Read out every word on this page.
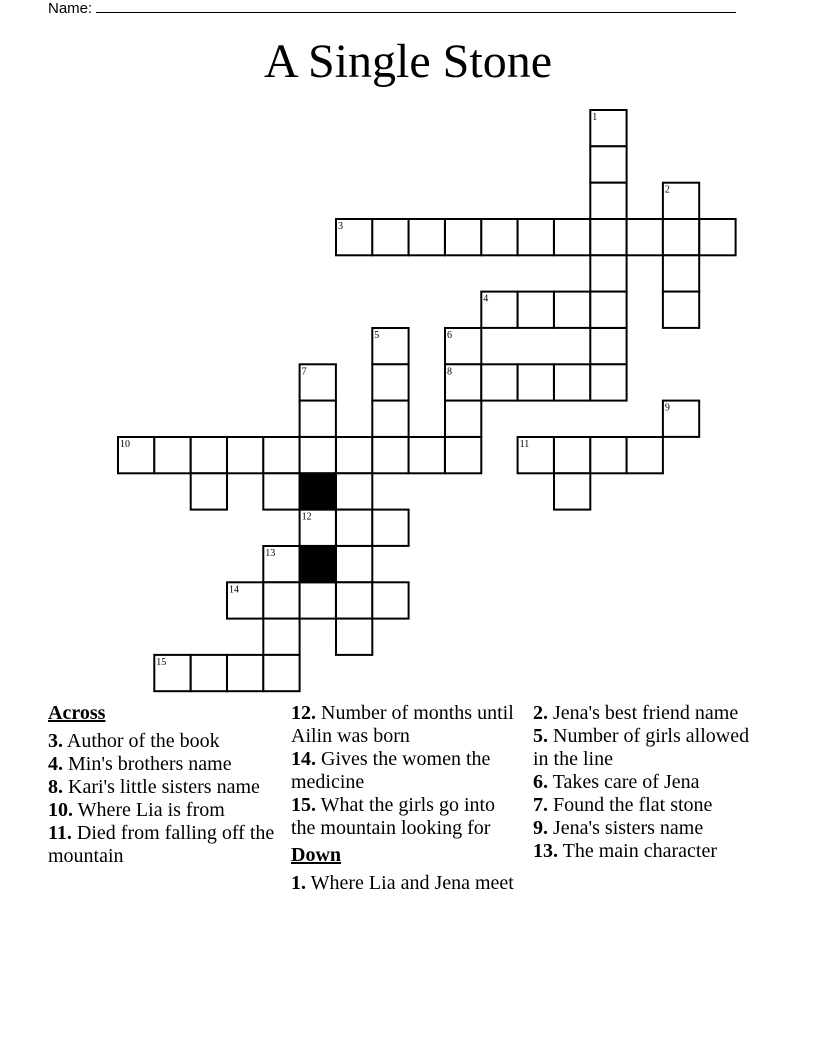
Name:
A Single Stone
1
2
3
4
5	6
7	8
9
10	11
12
13
14
15
Across

3. Author of the book

4. Min's brothers name

8. Kari's little sisters name

10. Where Lia is from

11. Died from falling off the mountain

12. Number of months until Ailin was born

14. Gives the women the medicine

15. What the girls go into the mountain looking for

Down

1. Where Lia and Jena meet

2. Jena's best friend name

5. Number of girls allowed in the line

6. Takes care of Jena

7. Found the flat stone

9. Jena's sisters name

13. The main character
